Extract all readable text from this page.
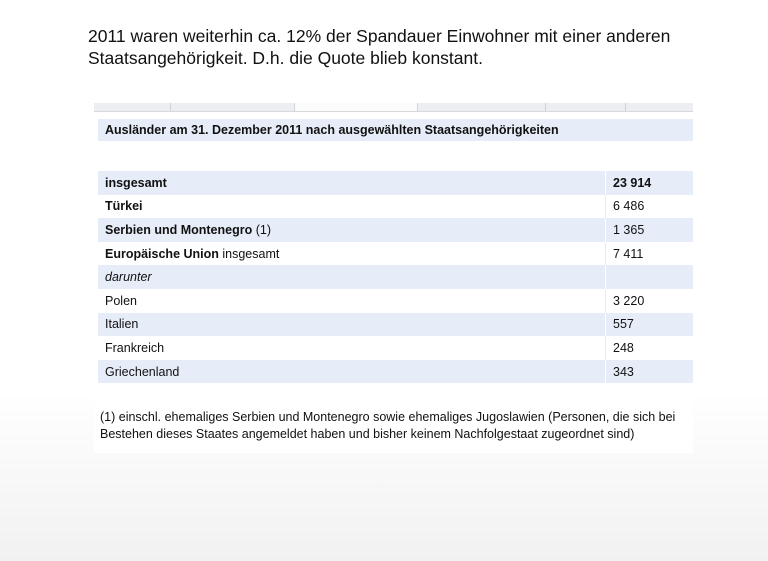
2011 waren weiterhin ca. 12% der Spandauer Einwohner mit einer anderen Staatsangehörigkeit. D.h. die Quote blieb konstant.
Ausländer am 31. Dezember 2011 nach ausgewählten Staatsangehörigkeiten
insgesamt	23 914
Türkei	6 486
Serbien und Montenegro (1)	1 365
Europäische Union insgesamt	7 411
darunter	
Polen	3 220
Italien	557
Frankreich	248
Griechenland	343
(1) einschl. ehemaliges Serbien und Montenegro sowie ehemaliges Jugoslawien (Personen, die sich bei Bestehen dieses Staates angemeldet haben und bisher keinem Nachfolgestaat zugeordnet sind)
